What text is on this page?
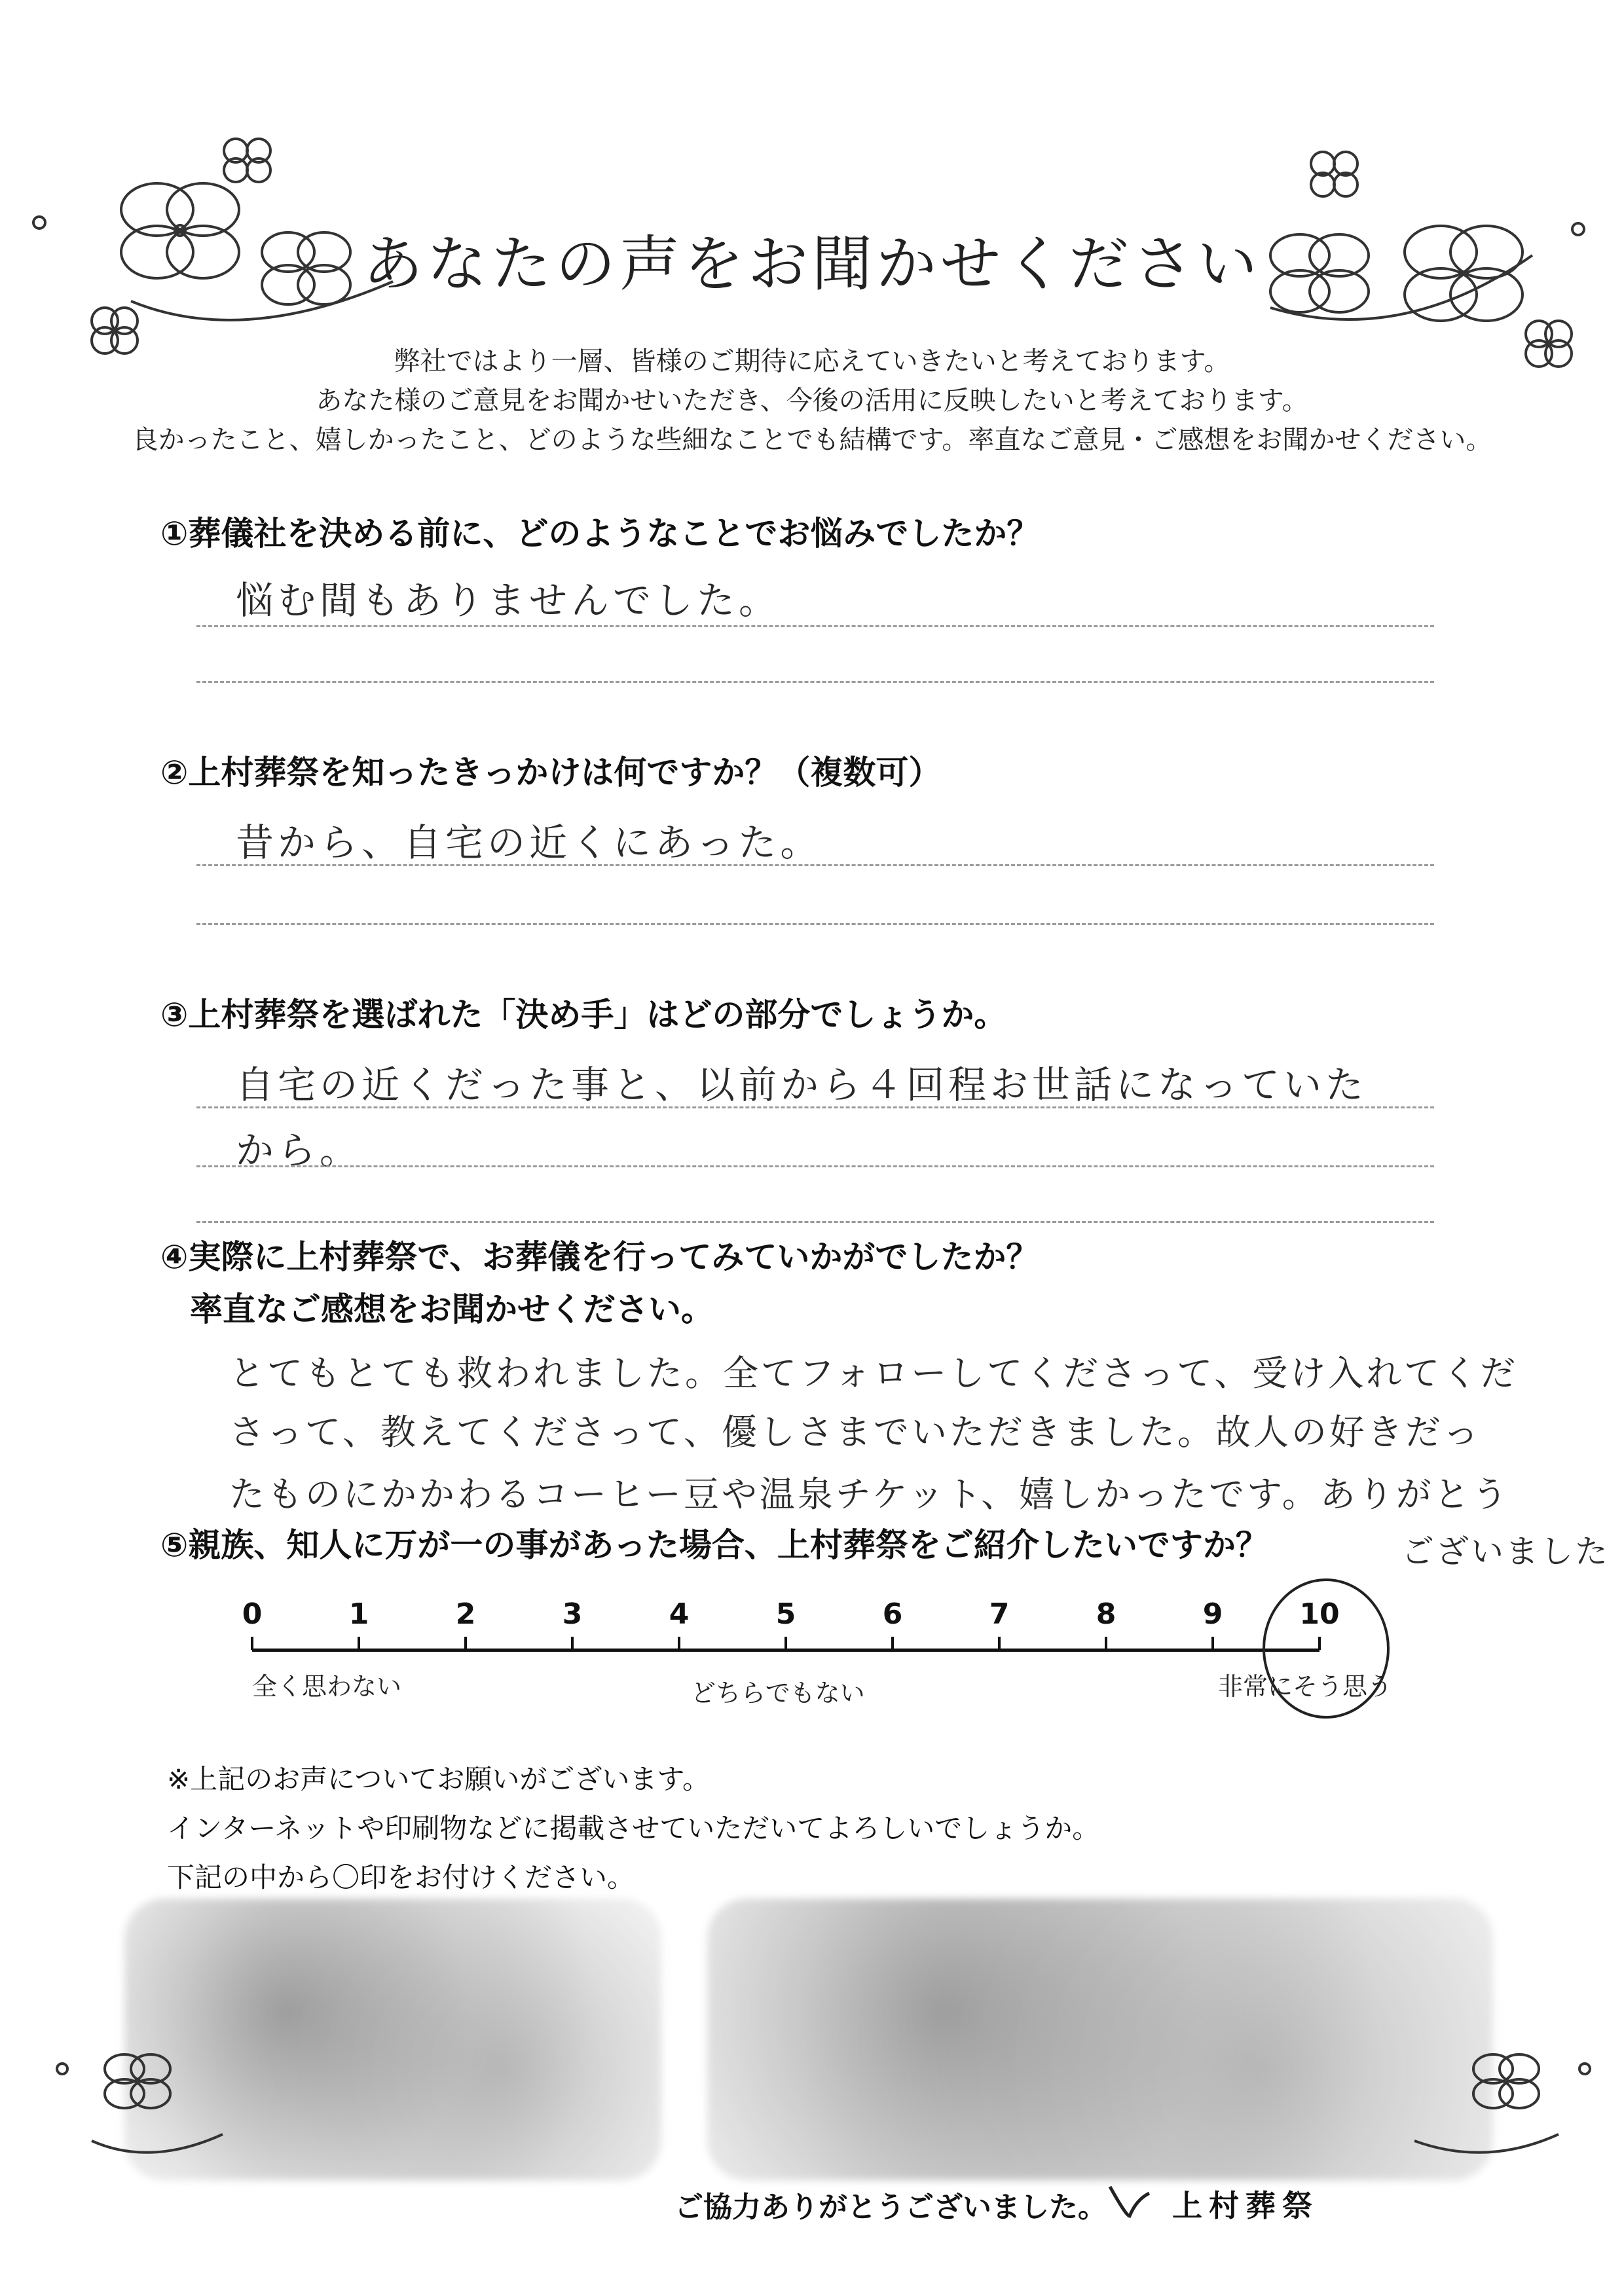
あなたの声をお聞かせください
弊社ではより一層、皆様のご期待に応えていきたいと考えております。
あなた様のご意見をお聞かせいただき、今後の活用に反映したいと考えております。
良かったこと、嬉しかったこと、どのような些細なことでも結構です。率直なご意見・ご感想をお聞かせください。
①葬儀社を決める前に、どのようなことでお悩みでしたか？
悩む間もありませんでした。
②上村葬祭を知ったきっかけは何ですか？（複数可）
昔から、自宅の近くにあった。
③上村葬祭を選ばれた「決め手」はどの部分でしょうか。
自宅の近くだった事と、以前から４回程お世話になっていた
から。
④実際に上村葬祭で、お葬儀を行ってみていかがでしたか？
率直なご感想をお聞かせください。
とてもとても救われました。全てフォローしてくださって、受け入れてくだ
さって、教えてくださって、優しさまでいただきました。故人の好きだっ
たものにかかわるコーヒー豆や温泉チケット、嬉しかったです。ありがとう
ございました
⑤親族、知人に万が一の事があった場合、上村葬祭をご紹介したいですか？
0	1	2	3	4	5	6	7	8	9	10
全く思わない	どちらでもない	非常にそう思う
※上記のお声についてお願いがございます。
インターネットや印刷物などに掲載させていただいてよろしいでしょうか。
下記の中から〇印をお付けください。
ご協力ありがとうございました。 上村葬祭
